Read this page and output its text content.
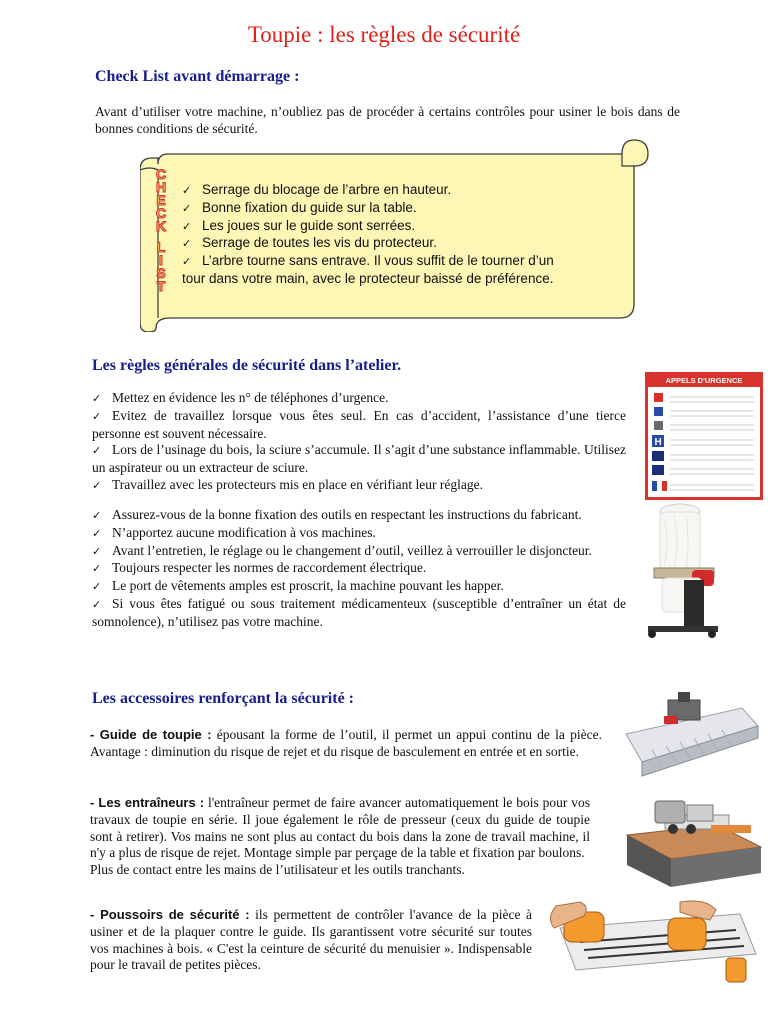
Toupie : les règles de sécurité
Check List avant démarrage :
Avant d’utiliser votre machine, n’oubliez pas de procéder à certains contrôles pour usiner le bois dans de bonnes conditions de sécurité.
C
H
E
C
K
L
I
S
T
✓ Serrage du blocage de l’arbre en hauteur.
✓ Bonne fixation du guide sur la table.
✓ Les joues sur le guide sont serrées.
✓ Serrage de toutes les vis du protecteur.
✓ L’arbre tourne sans entrave. Il vous suffit de le tourner d’un
tour dans votre main, avec le protecteur baissé de préférence.
Les règles générales de sécurité dans l’atelier.
✓ Mettez en évidence les n° de téléphones d’urgence.
✓ Evitez de travaillez lorsque vous êtes seul. En cas d’accident, l’assistance d’une tierce personne est souvent nécessaire.
✓ Lors de l’usinage du bois, la sciure s’accumule. Il s’agit d’une substance inflammable. Utilisez un aspirateur ou un extracteur de sciure.
✓ Travaillez avec les protecteurs mis en place en vérifiant leur réglage.
✓ Assurez-vous de la bonne fixation des outils en respectant les instructions du fabricant.
✓ N’apportez aucune modification à vos machines.
✓ Avant l’entretien, le réglage ou le changement d’outil, veillez à verrouiller le disjoncteur.
✓ Toujours respecter les normes de raccordement électrique.
✓ Le port de vêtements amples est proscrit, la machine pouvant les happer.
✓ Si vous êtes fatigué ou sous traitement médicamenteux (susceptible d’entraîner un état de somnolence), n’utilisez pas votre machine.
APPELS D'URGENCE
H
Les accessoires renforçant la sécurité :
- Guide de toupie : épousant la forme de l’outil, il permet un appui continu de la pièce. Avantage : diminution du risque de rejet et du risque de basculement en entrée et en sortie.
- Les entraîneurs : l'entraîneur permet de faire avancer automatiquement le bois pour vos travaux de toupie en série. Il joue également le rôle de presseur (ceux du guide de toupie sont à retirer). Vos mains ne sont plus au contact du bois dans la zone de travail machine, il n'y a plus de risque de rejet. Montage simple par perçage de la table et fixation par boulons.
Plus de contact entre les mains de l’utilisateur et les outils tranchants.
- Poussoirs de sécurité : ils permettent de contrôler l'avance de la pièce à usiner et de la plaquer contre le guide. Ils garantissent votre sécurité sur toutes vos machines à bois. « C'est la ceinture de sécurité du menuisier ». Indispensable pour le travail de petites pièces.
